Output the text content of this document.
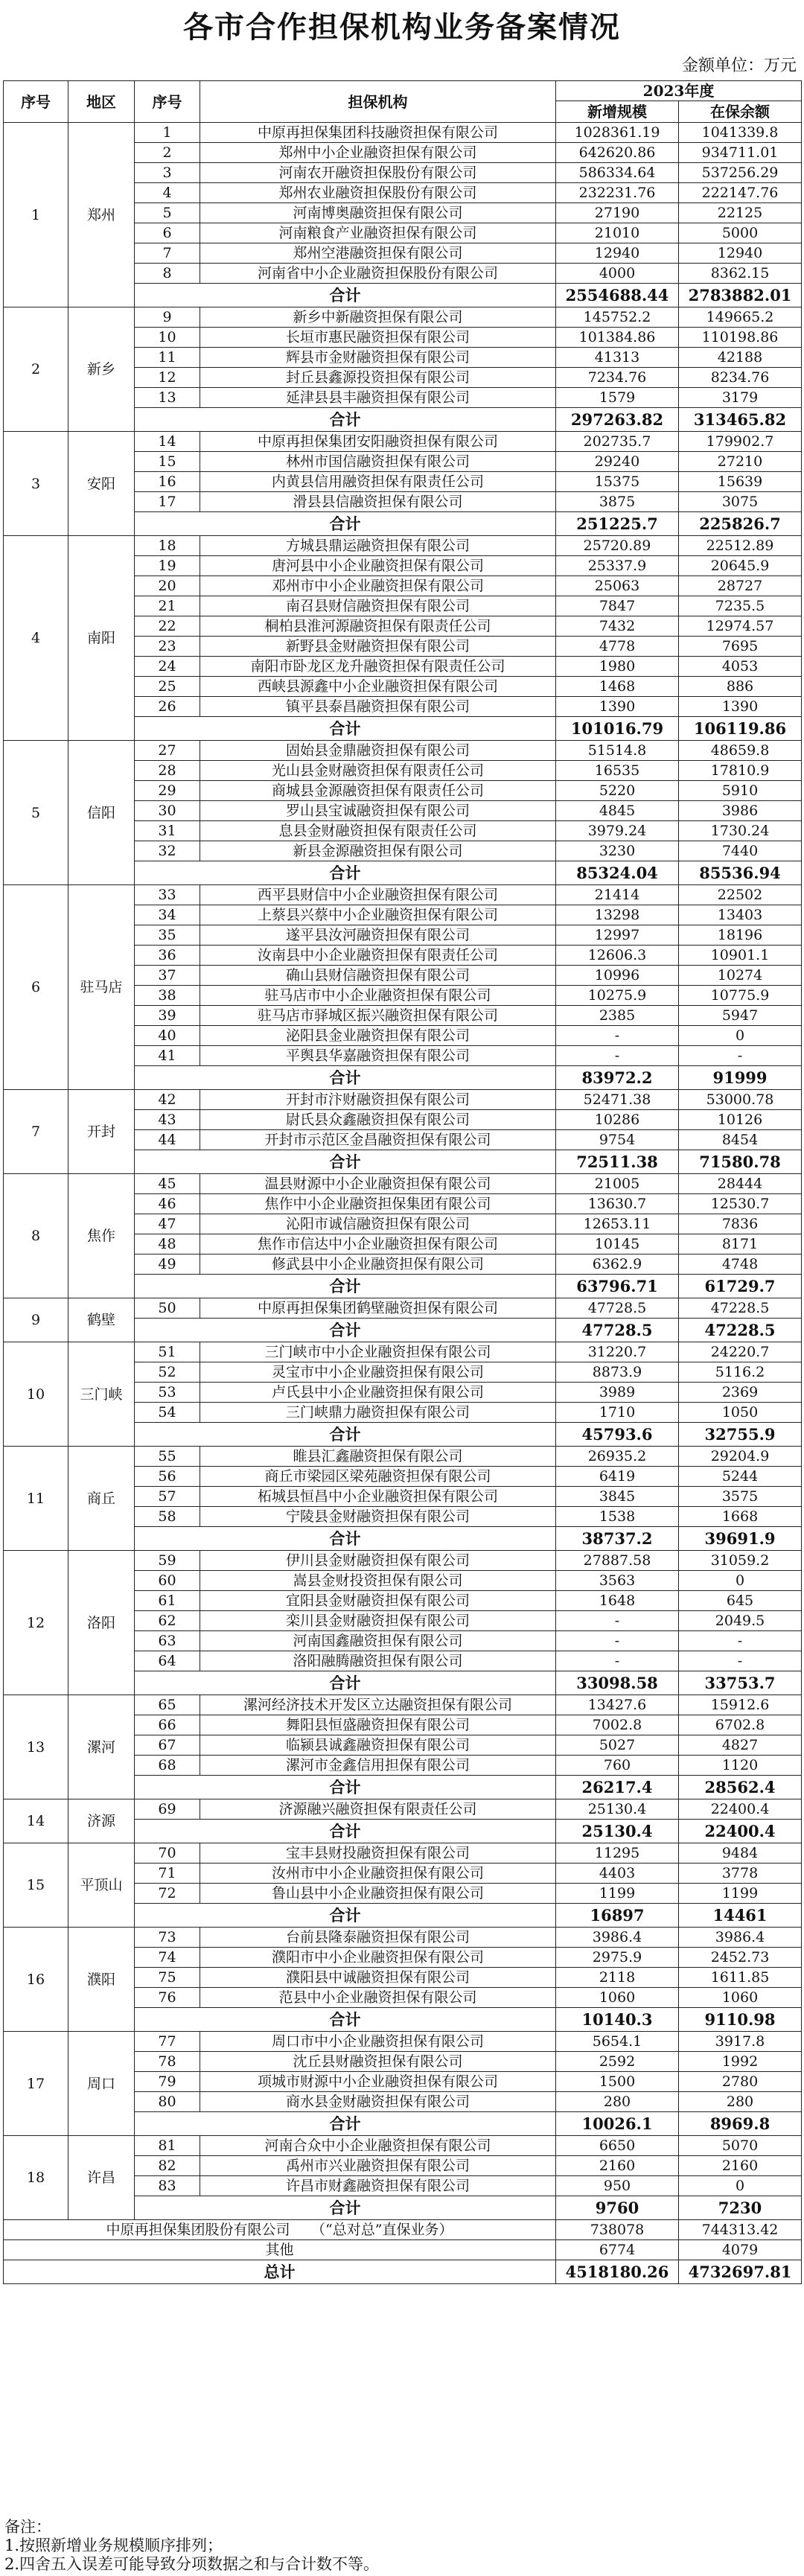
各市合作担保机构业务备案情况
金额单位：万元
序号	地区	序号	担保机构	2023年度	
				新增规模	在保余额
1	郑州	1	中原再担保集团科技融资担保有限公司	1028361.19	1041339.8
		2	郑州中小企业融资担保有限公司	642620.86	934711.01
		3	河南农开融资担保股份有限公司	586334.64	537256.29
		4	郑州农业融资担保股份有限公司	232231.76	222147.76
		5	河南博奥融资担保有限公司	27190	22125
		6	河南粮食产业融资担保有限公司	21010	5000
		7	郑州空港融资担保有限公司	12940	12940
		8	河南省中小企业融资担保股份有限公司	4000	8362.15
		合计		2554688.44	2783882.01
2	新乡	9	新乡中新融资担保有限公司	145752.2	149665.2
		10	长垣市惠民融资担保有限公司	101384.86	110198.86
		11	辉县市金财融资担保有限公司	41313	42188
		12	封丘县鑫源投资担保有限公司	7234.76	8234.76
		13	延津县县丰融资担保有限公司	1579	3179
		合计		297263.82	313465.82
3	安阳	14	中原再担保集团安阳融资担保有限公司	202735.7	179902.7
		15	林州市国信融资担保有限公司	29240	27210
		16	内黄县信用融资担保有限责任公司	15375	15639
		17	滑县县信融资担保有限公司	3875	3075
		合计		251225.7	225826.7
4	南阳	18	方城县鼎运融资担保有限公司	25720.89	22512.89
		19	唐河县中小企业融资担保有限公司	25337.9	20645.9
		20	邓州市中小企业融资担保有限公司	25063	28727
		21	南召县财信融资担保有限公司	7847	7235.5
		22	桐柏县淮河源融资担保有限责任公司	7432	12974.57
		23	新野县金财融资担保有限公司	4778	7695
		24	南阳市卧龙区龙升融资担保有限责任公司	1980	4053
		25	西峡县源鑫中小企业融资担保有限公司	1468	886
		26	镇平县泰昌融资担保有限公司	1390	1390
		合计		101016.79	106119.86
5	信阳	27	固始县金鼎融资担保有限公司	51514.8	48659.8
		28	光山县金财融资担保有限责任公司	16535	17810.9
		29	商城县金源融资担保有限责任公司	5220	5910
		30	罗山县宝诚融资担保有限公司	4845	3986
		31	息县金财融资担保有限责任公司	3979.24	1730.24
		32	新县金源融资担保有限公司	3230	7440
		合计		85324.04	85536.94
6	驻马店	33	西平县财信中小企业融资担保有限公司	21414	22502
		34	上蔡县兴蔡中小企业融资担保有限公司	13298	13403
		35	遂平县汝河融资担保有限公司	12997	18196
		36	汝南县中小企业融资担保有限责任公司	12606.3	10901.1
		37	确山县财信融资担保有限公司	10996	10274
		38	驻马店市中小企业融资担保有限公司	10275.9	10775.9
		39	驻马店市驿城区振兴融资担保有限公司	2385	5947
		40	泌阳县金业融资担保有限公司	-	0
		41	平舆县华嘉融资担保有限公司	-	-
		合计		83972.2	91999
7	开封	42	开封市汴财融资担保有限公司	52471.38	53000.78
		43	尉氏县众鑫融资担保有限公司	10286	10126
		44	开封市示范区金昌融资担保有限公司	9754	8454
		合计		72511.38	71580.78
8	焦作	45	温县财源中小企业融资担保有限公司	21005	28444
		46	焦作中小企业融资担保集团有限公司	13630.7	12530.7
		47	沁阳市诚信融资担保有限公司	12653.11	7836
		48	焦作市信达中小企业融资担保有限公司	10145	8171
		49	修武县中小企业融资担保有限公司	6362.9	4748
		合计		63796.71	61729.7
9	鹤壁	50	中原再担保集团鹤壁融资担保有限公司	47728.5	47228.5
		合计		47728.5	47228.5
10	三门峡	51	三门峡市中小企业融资担保有限公司	31220.7	24220.7
		52	灵宝市中小企业融资担保有限公司	8873.9	5116.2
		53	卢氏县中小企业融资担保有限公司	3989	2369
		54	三门峡鼎力融资担保有限公司	1710	1050
		合计		45793.6	32755.9
11	商丘	55	睢县汇鑫融资担保有限公司	26935.2	29204.9
		56	商丘市梁园区梁苑融资担保有限公司	6419	5244
		57	柘城县恒昌中小企业融资担保有限公司	3845	3575
		58	宁陵县金财融资担保有限公司	1538	1668
		合计		38737.2	39691.9
12	洛阳	59	伊川县金财融资担保有限公司	27887.58	31059.2
		60	嵩县金财投资担保有限公司	3563	0
		61	宜阳县金财融资担保有限公司	1648	645
		62	栾川县金财融资担保有限公司	-	2049.5
		63	河南国鑫融资担保有限公司	-	-
		64	洛阳融腾融资担保有限公司	-	-
		合计		33098.58	33753.7
13	漯河	65	漯河经济技术开发区立达融资担保有限公司	13427.6	15912.6
		66	舞阳县恒盛融资担保有限公司	7002.8	6702.8
		67	临颍县诚鑫融资担保有限公司	5027	4827
		68	漯河市金鑫信用担保有限公司	760	1120
		合计		26217.4	28562.4
14	济源	69	济源融兴融资担保有限责任公司	25130.4	22400.4
		合计		25130.4	22400.4
15	平顶山	70	宝丰县财投融资担保有限公司	11295	9484
		71	汝州市中小企业融资担保有限公司	4403	3778
		72	鲁山县中小企业融资担保有限公司	1199	1199
		合计		16897	14461
16	濮阳	73	台前县隆泰融资担保有限公司	3986.4	3986.4
		74	濮阳市中小企业融资担保有限公司	2975.9	2452.73
		75	濮阳县中诚融资担保有限公司	2118	1611.85
		76	范县中小企业融资担保有限公司	1060	1060
		合计		10140.3	9110.98
17	周口	77	周口市中小企业融资担保有限公司	5654.1	3917.8
		78	沈丘县财融资担保有限公司	2592	1992
		79	项城市财源中小企业融资担保有限公司	1500	2780
		80	商水县金财融资担保有限公司	280	280
		合计		10026.1	8969.8
18	许昌	81	河南合众中小企业融资担保有限公司	6650	5070
		82	禹州市兴业融资担保有限公司	2160	2160
		83	许昌市财鑫融资担保有限公司	950	0
		合计		9760	7230
中原再担保集团股份有限公司　　（“总对总”直保业务）				738078	744313.42
其他				6774	4079
总计				4518180.26	4732697.81
备注：
1.按照新增业务规模顺序排列；
2.四舍五入误差可能导致分项数据之和与合计数不等。
